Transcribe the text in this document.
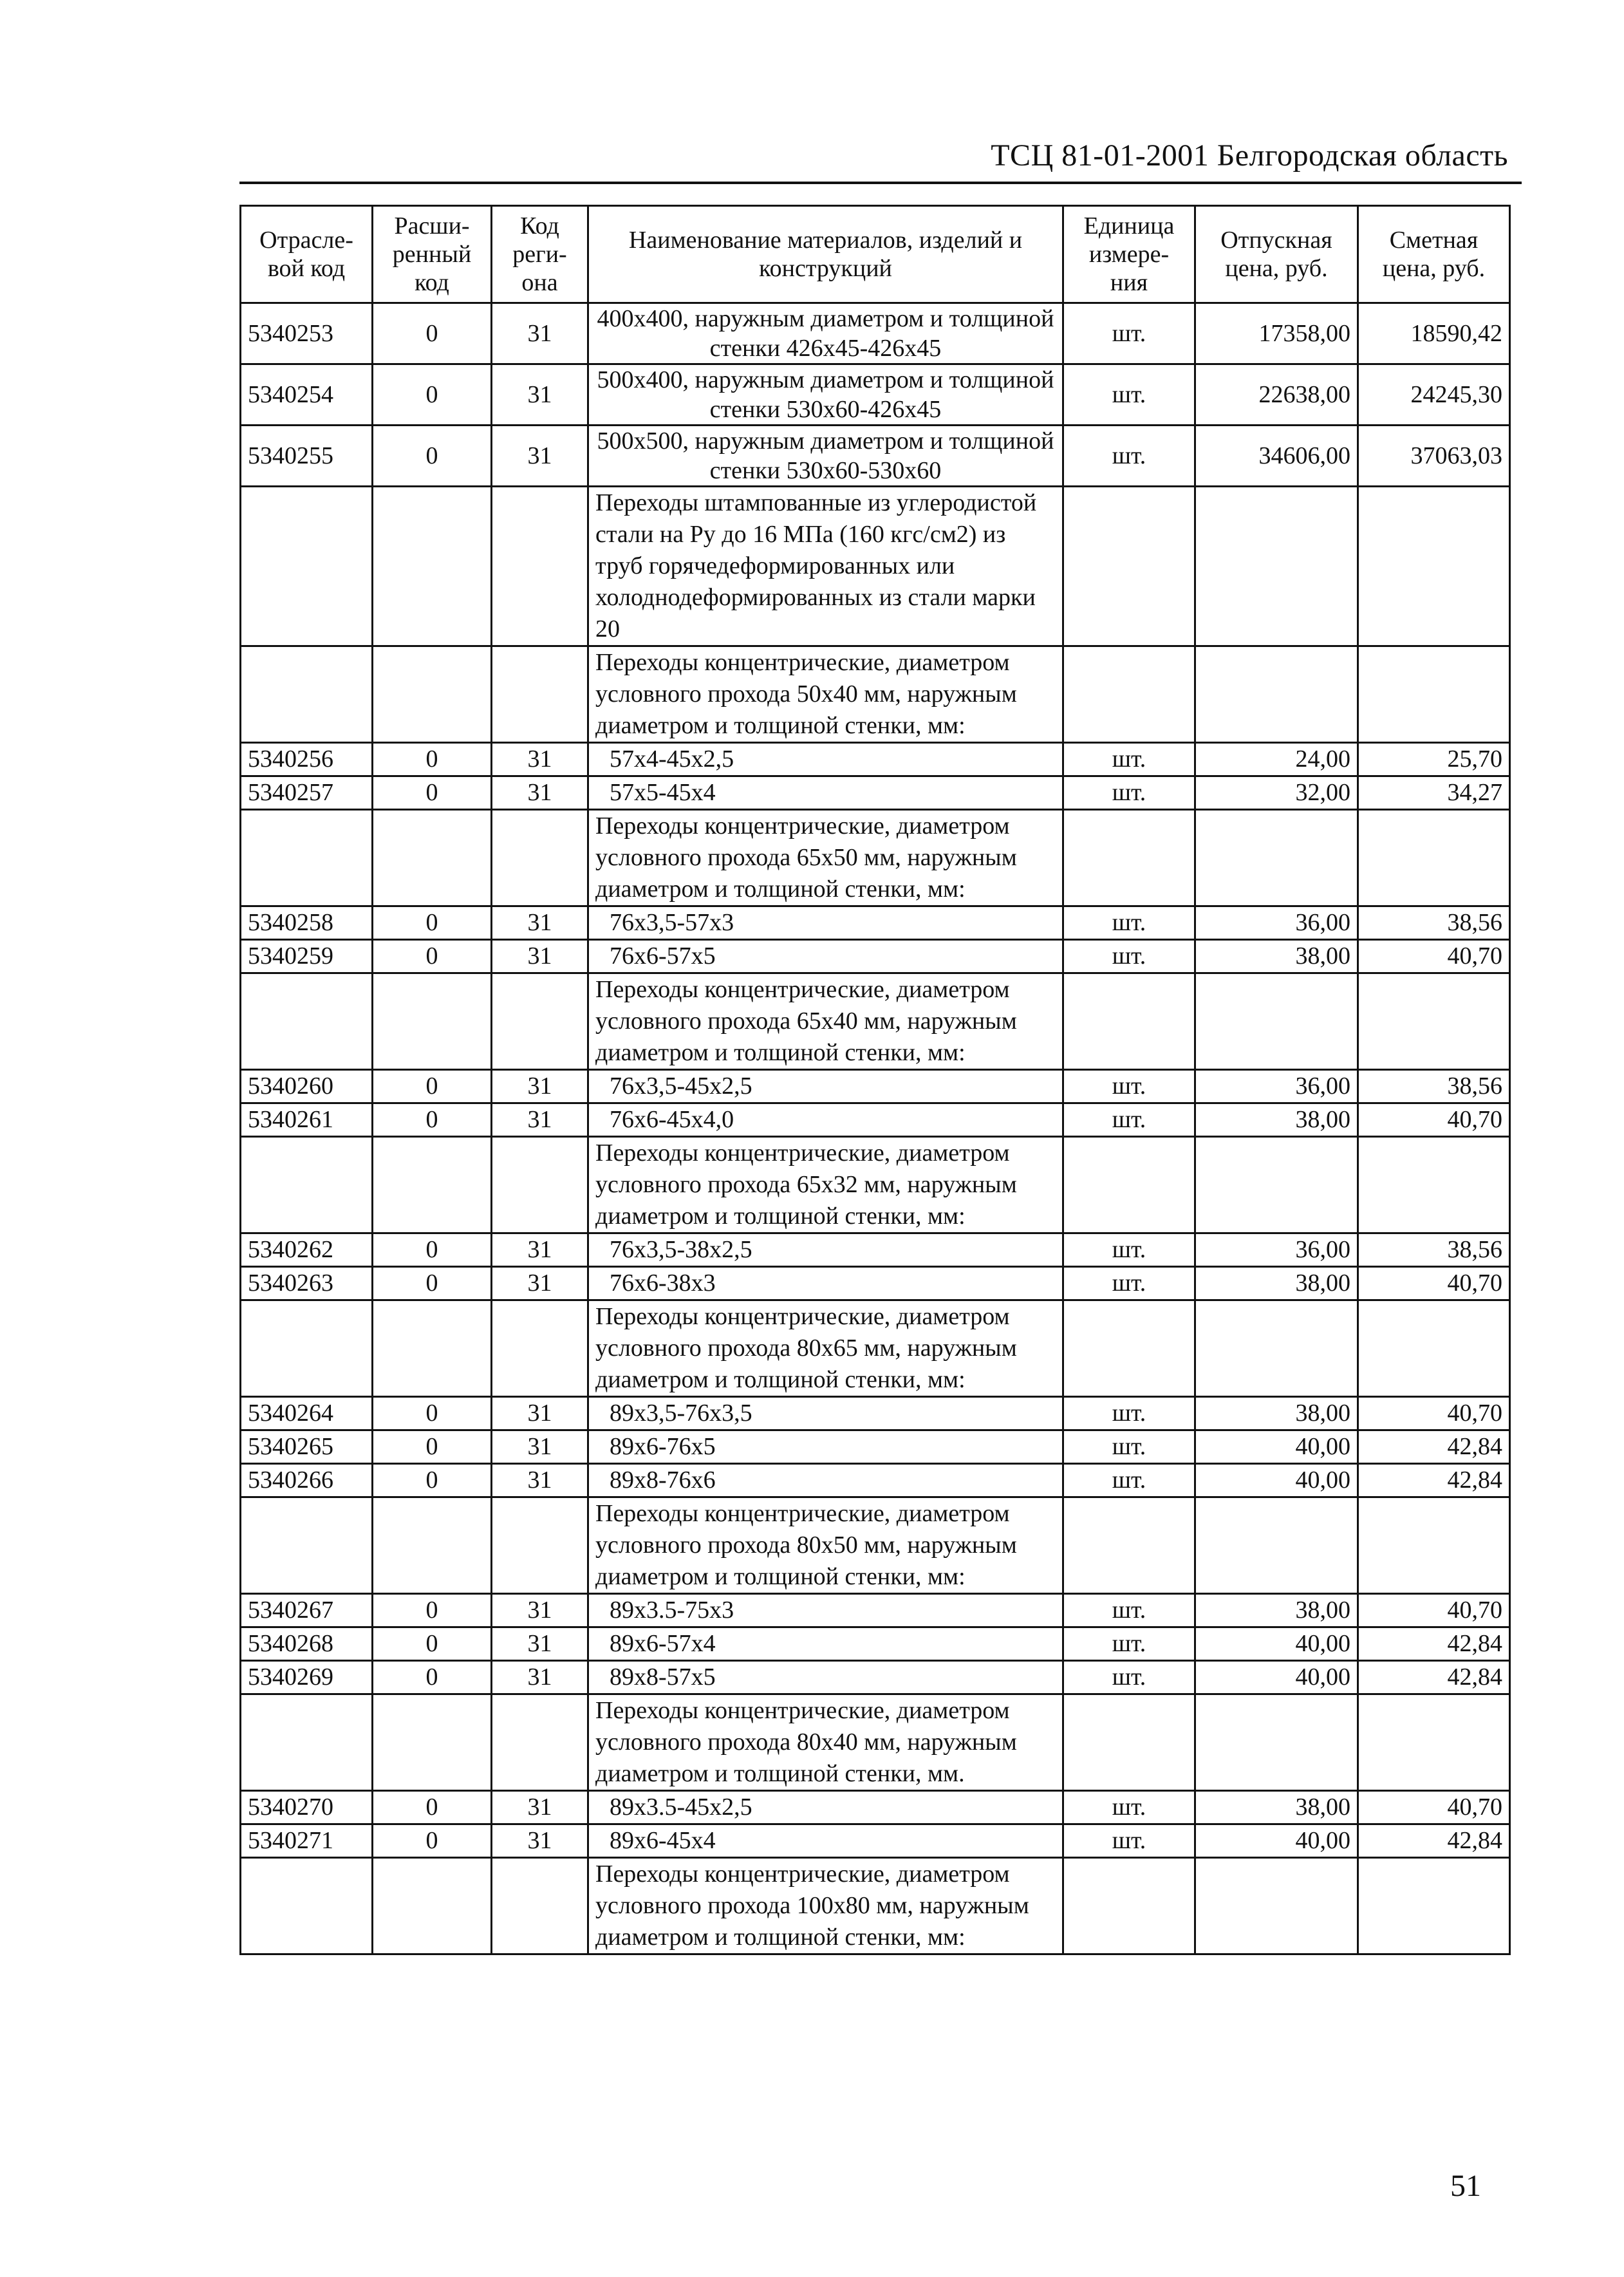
ТСЦ 81-01-2001 Белгородская область
Отрасле-вой код	Расши-ренный код	Код реги-она	Наименование материалов, изделий и конструкций	Единица измере-ния	Отпускная цена, руб.	Сметная цена, руб.
5340253	0	31	400x400, наружным диаметром и толщиной стенки 426x45-426x45	шт.	17358,00	18590,42
5340254	0	31	500x400, наружным диаметром и толщиной стенки 530x60-426x45	шт.	22638,00	24245,30
5340255	0	31	500x500, наружным диаметром и толщиной стенки 530x60-530x60	шт.	34606,00	37063,03
			Переходы штампованные из углеродистой стали на Ру до 16 МПа (160 кгс/см2) из труб горячедеформированных или холоднодеформированных из стали марки 20			
			Переходы концентрические, диаметром условного прохода 50x40 мм, наружным диаметром и толщиной стенки, мм:			
5340256	0	31	57x4-45x2,5	шт.	24,00	25,70
5340257	0	31	57x5-45x4	шт.	32,00	34,27
			Переходы концентрические, диаметром условного прохода 65x50 мм, наружным диаметром и толщиной стенки, мм:			
5340258	0	31	76x3,5-57x3	шт.	36,00	38,56
5340259	0	31	76x6-57x5	шт.	38,00	40,70
			Переходы концентрические, диаметром условного прохода 65x40 мм, наружным диаметром и толщиной стенки, мм:			
5340260	0	31	76x3,5-45x2,5	шт.	36,00	38,56
5340261	0	31	76x6-45x4,0	шт.	38,00	40,70
			Переходы концентрические, диаметром условного прохода 65x32 мм, наружным диаметром и толщиной стенки, мм:			
5340262	0	31	76x3,5-38x2,5	шт.	36,00	38,56
5340263	0	31	76x6-38x3	шт.	38,00	40,70
			Переходы концентрические, диаметром условного прохода 80x65 мм, наружным диаметром и толщиной стенки, мм:			
5340264	0	31	89x3,5-76x3,5	шт.	38,00	40,70
5340265	0	31	89x6-76x5	шт.	40,00	42,84
5340266	0	31	89x8-76x6	шт.	40,00	42,84
			Переходы концентрические, диаметром условного прохода 80x50 мм, наружным диаметром и толщиной стенки, мм:			
5340267	0	31	89x3.5-75x3	шт.	38,00	40,70
5340268	0	31	89x6-57x4	шт.	40,00	42,84
5340269	0	31	89x8-57x5	шт.	40,00	42,84
			Переходы концентрические, диаметром условного прохода 80x40 мм, наружным диаметром и толщиной стенки, мм.			
5340270	0	31	89x3.5-45x2,5	шт.	38,00	40,70
5340271	0	31	89x6-45x4	шт.	40,00	42,84
			Переходы концентрические, диаметром условного прохода 100x80 мм, наружным диаметром и толщиной стенки, мм:			
51
